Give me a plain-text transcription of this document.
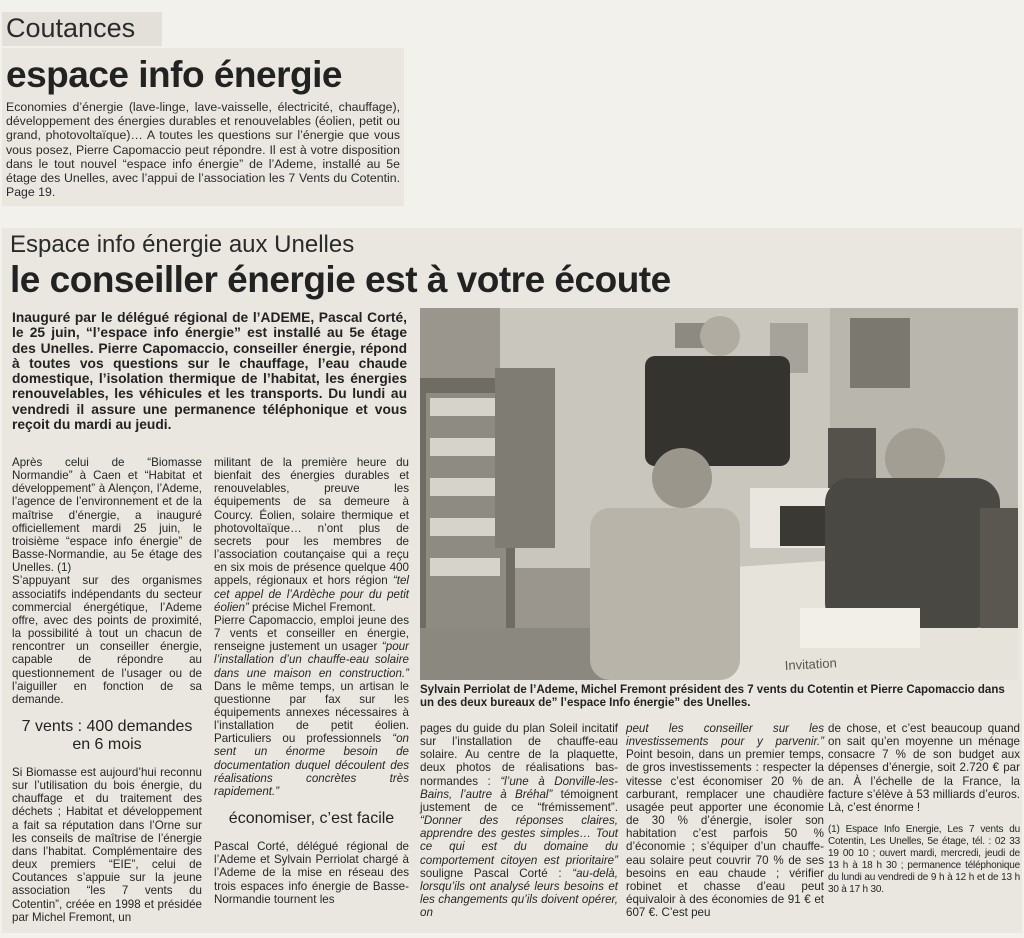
Coutances
espace info énergie
Economies d’énergie (lave-linge, lave-vaisselle, électricité, chauffage), développement des énergies durables et renouvelables (éolien, petit ou grand, photovoltaïque)… A toutes les questions sur l’énergie que vous vous posez, Pierre Capomaccio peut répondre. Il est à votre disposition dans le tout nouvel “espace info énergie” de l’Ademe, installé au 5e étage des Unelles, avec l’appui de l’association les 7 Vents du Cotentin. Page 19.
Espace info énergie aux Unelles
le conseiller énergie est à votre écoute
Inauguré par le délégué régional de l’ADEME, Pascal Corté, le 25 juin, “l’espace info énergie” est installé au 5e étage des Unelles. Pierre Capomaccio, conseiller énergie, répond à toutes vos questions sur le chauffage, l’eau chaude domestique, l’isolation thermique de l’habitat, les énergies renouvelables, les véhicules et les transports. Du lundi au vendredi il assure une permanence téléphonique et vous reçoit du mardi au jeudi.
Invitation
Sylvain Perriolat de l’Ademe, Michel Fremont président des 7 vents du Cotentin et Pierre Capomaccio dans un des deux bureaux de” l’espace Info énergie” des Unelles.

Après celui de “Biomasse Normandie” à Caen et “Habitat et développement” à Alençon, l’Ademe, l’agence de l’environnement et de la maîtrise d’énergie, a inauguré officiellement mardi 25 juin, le troisième “espace info énergie” de Basse-Normandie, au 5e étage des Unelles. (1)

S’appuyant sur des organismes associatifs indépendants du secteur commercial énergétique, l’Ademe offre, avec des points de proximité, la possibilité à tout un chacun de rencontrer un conseiller énergie, capable de répondre au questionnement de l’usager ou de l’aiguiller en fonction de sa demande.

7 vents : 400 demandes en 6 mois

Si Biomasse est aujourd’hui reconnu sur l’utilisation du bois énergie, du chauffage et du traitement des déchets ; Habitat et développement a fait sa réputation dans l’Orne sur les conseils de maîtrise de l’énergie dans l’habitat. Complémentaire des deux premiers “EIE”, celui de Coutances s’appuie sur la jeune association “les 7 vents du Cotentin”, créée en 1998 et présidée par Michel Fremont, un

militant de la première heure du bienfait des énergies durables et renouvelables, preuve les équipements de sa demeure à Courcy. Éolien, solaire thermique et photovoltaïque… n’ont plus de secrets pour les membres de l’association coutançaise qui a reçu en six mois de présence quelque 400 appels, régionaux et hors région “tel cet appel de l’Ardèche pour du petit éolien” précise Michel Fremont.

Pierre Capomaccio, emploi jeune des 7 vents et conseiller en énergie, renseigne justement un usager “pour l’installation d’un chauffe-eau solaire dans une maison en construction.” Dans le même temps, un artisan le questionne par fax sur les équipements annexes nécessaires à l’installation de petit éolien. Particuliers ou professionnels “on sent un énorme besoin de documentation duquel découlent des réalisations concrètes très rapidement.”

économiser, c’est facile

Pascal Corté, délégué régional de l’Ademe et Sylvain Perriolat chargé à l’Ademe de la mise en réseau des trois espaces info énergie de Basse-Normandie tournent les

pages du guide du plan Soleil incitatif sur l’installation de chauffe-eau solaire. Au centre de la plaquette, deux photos de réalisations bas-normandes : “l’une à Donville-les-Bains, l’autre à Bréhal” témoignent justement de ce “frémissement”. “Donner des réponses claires, apprendre des gestes simples… Tout ce qui est du domaine du comportement citoyen est prioritaire” souligne Pascal Corté : “au-delà, lorsqu’ils ont analysé leurs besoins et les changements qu’ils doivent opérer, on

peut les conseiller sur les investissements pour y parvenir.” Point besoin, dans un premier temps, de gros investissements : respecter la vitesse c’est économiser 20 % de carburant, remplacer une chaudière usagée peut apporter une économie de 30 % d’énergie, isoler son habitation c’est parfois 50 % d’économie ; s’équiper d’un chauffe-eau solaire peut couvrir 70 % de ses besoins en eau chaude ; vérifier robinet et chasse d’eau peut équivaloir à des économies de 91 € et 607 €. C’est peu

de chose, et c’est beaucoup quand on sait qu’en moyenne un ménage consacre 7 % de son budget aux dépenses d’énergie, soit 2.720 € par an. À l’échelle de la France, la facture s’élève à 53 milliards d’euros. Là, c’est énorme !

(1) Espace Info Energie, Les 7 vents du Cotentin, Les Unelles, 5e étage, tél. : 02 33 19 00 10 ; ouvert mardi, mercredi, jeudi de 13 h à 18 h 30 ; permanence téléphonique du lundi au vendredi de 9 h à 12 h et de 13 h 30 à 17 h 30.
